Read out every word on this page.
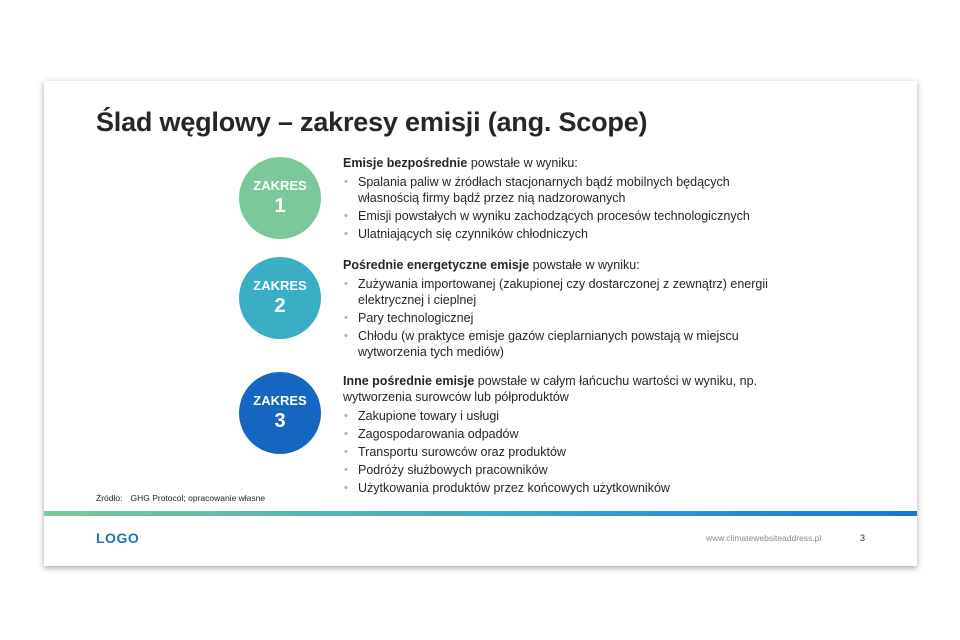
Ślad węglowy – zakresy emisji (ang. Scope)
ZAKRES
1
Emisje bezpośrednie powstałe w wyniku:
• Spalania paliw w źródłach stacjonarnych bądź mobilnych będących własnością firmy bądź przez nią nadzorowanych
• Emisji powstałych w wyniku zachodzących procesów technologicznych
• Ulatniających się czynników chłodniczych
ZAKRES
2
Pośrednie energetyczne emisje powstałe w wyniku:
• Zużywania importowanej (zakupionej czy dostarczonej z zewnątrz) energii elektrycznej i cieplnej
• Pary technologicznej
• Chłodu (w praktyce emisje gazów cieplarnianych powstają w miejscu wytworzenia tych mediów)
ZAKRES
3
Inne pośrednie emisje powstałe w całym łańcuchu wartości w wyniku, np. wytworzenia surowców lub półproduktów
• Zakupione towary i usługi
• Zagospodarowania odpadów
• Transportu surowców oraz produktów
• Podróży służbowych pracowników
• Użytkowania produktów przez końcowych użytkowników
Źródło: GHG Protocol; opracowanie własne
LOGO	www.climatewebsiteaddress.pl	3
